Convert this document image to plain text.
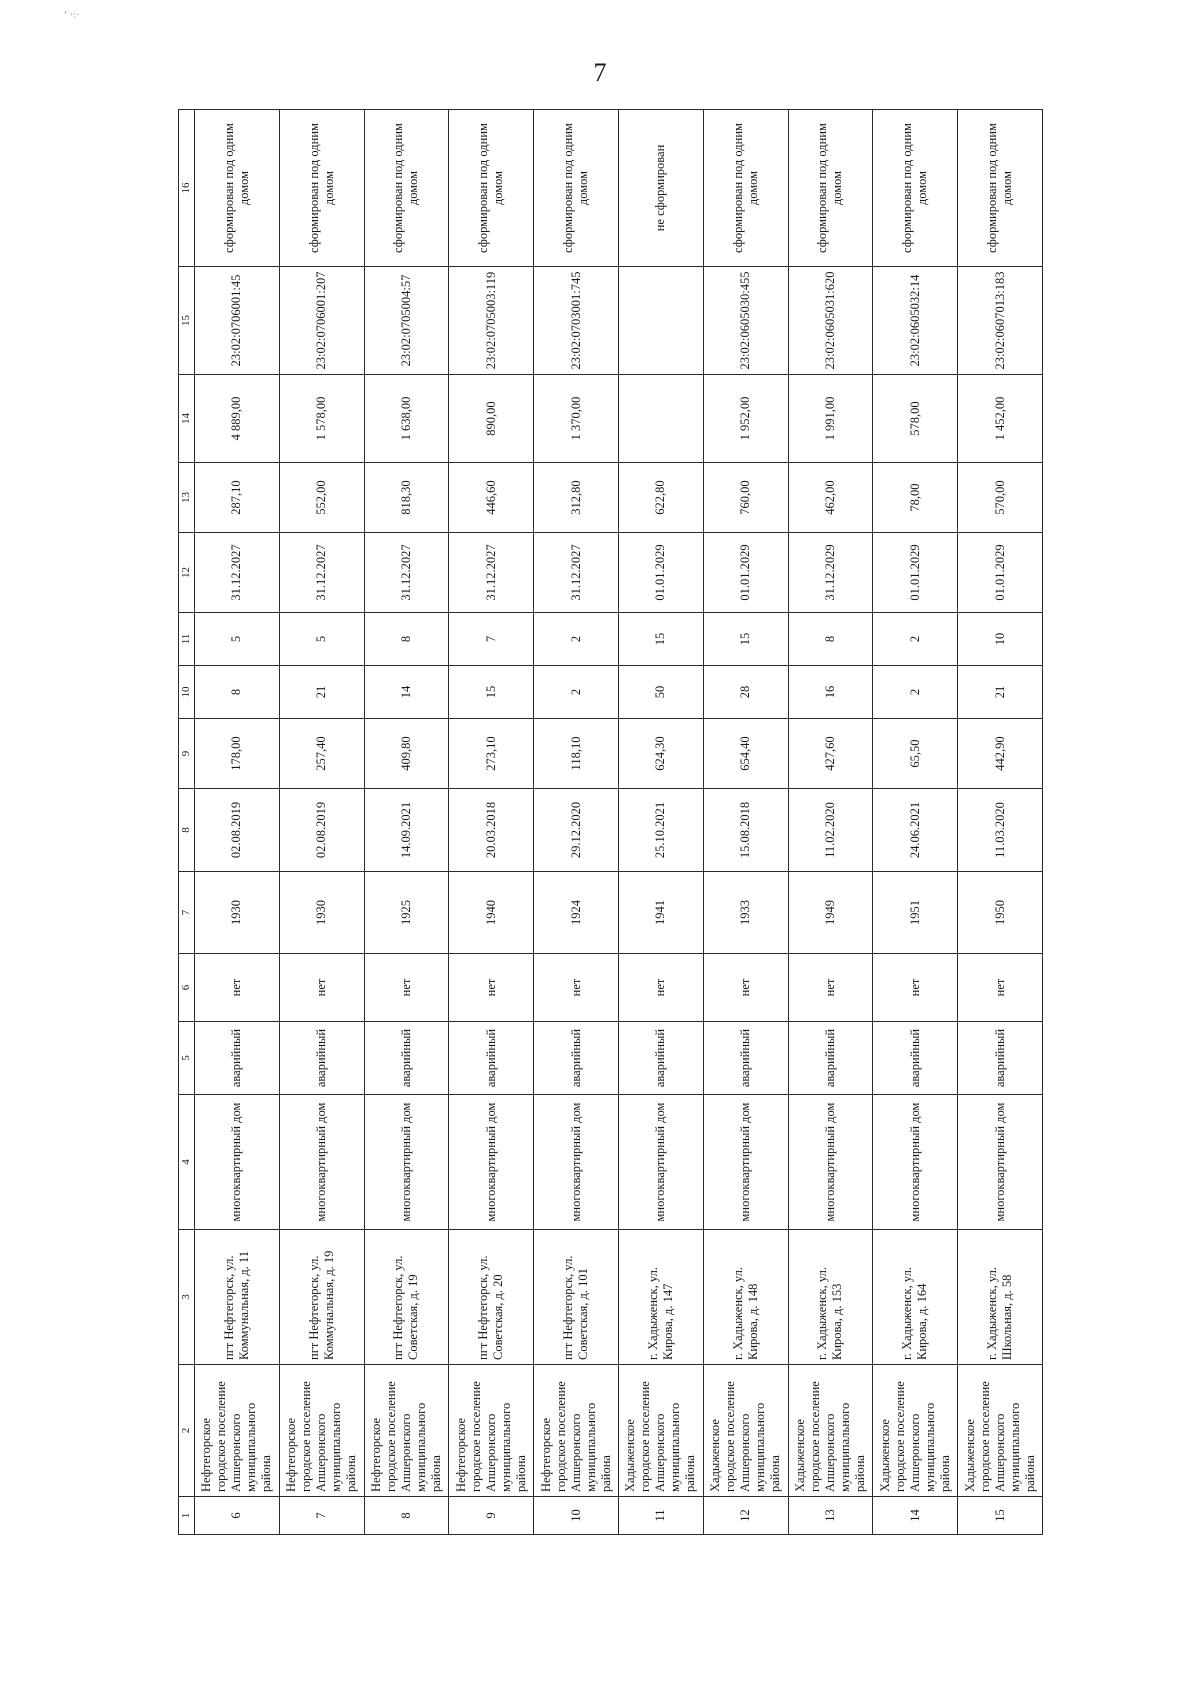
' ·:·
7
1	2	3	4	5	6	7	8	9	10	11	12	13	14	15	16
6	Нефтегорское городское поселение Апшеронского муниципального района	пгт Нефтегорск, ул. Коммунальная, д. 11	многоквартирный дом	аварийный	нет	1930	02.08.2019	178,00	8	5	31.12.2027	287,10	4 889,00	23:02:0706001:45	сформирован под одним домом
7	Нефтегорское городское поселение Апшеронского муниципального района	пгт Нефтегорск, ул. Коммунальная, д. 19	многоквартирный дом	аварийный	нет	1930	02.08.2019	257,40	21	5	31.12.2027	552,00	1 578,00	23:02:0706001:207	сформирован под одним домом
8	Нефтегорское городское поселение Апшеронского муниципального района	пгт Нефтегорск, ул. Советская, д. 19	многоквартирный дом	аварийный	нет	1925	14.09.2021	409,80	14	8	31.12.2027	818,30	1 638,00	23:02:0705004:57	сформирован под одним домом
9	Нефтегорское городское поселение Апшеронского муниципального района	пгт Нефтегорск, ул. Советская, д. 20	многоквартирный дом	аварийный	нет	1940	20.03.2018	273,10	15	7	31.12.2027	446,60	890,00	23:02:0705003:119	сформирован под одним домом
10	Нефтегорское городское поселение Апшеронского муниципального района	пгт Нефтегорск, ул. Советская, д. 101	многоквартирный дом	аварийный	нет	1924	29.12.2020	118,10	2	2	31.12.2027	312,80	1 370,00	23:02:0703001:745	сформирован под одним домом
11	Хадыженское городское поселение Апшеронского муниципального района	г. Хадыженск, ул. Кирова, д. 147	многоквартирный дом	аварийный	нет	1941	25.10.2021	624,30	50	15	01.01.2029	622,80			не сформирован
12	Хадыженское городское поселение Апшеронского муниципального района	г. Хадыженск, ул. Кирова, д. 148	многоквартирный дом	аварийный	нет	1933	15.08.2018	654,40	28	15	01.01.2029	760,00	1 952,00	23:02:0605030:455	сформирован под одним домом
13	Хадыженское городское поселение Апшеронского муниципального района	г. Хадыженск, ул. Кирова, д. 153	многоквартирный дом	аварийный	нет	1949	11.02.2020	427,60	16	8	31.12.2029	462,00	1 991,00	23:02:0605031:620	сформирован под одним домом
14	Хадыженское городское поселение Апшеронского муниципального района	г. Хадыженск, ул. Кирова, д. 164	многоквартирный дом	аварийный	нет	1951	24.06.2021	65,50	2	2	01.01.2029	78,00	578,00	23:02:0605032:14	сформирован под одним домом
15	Хадыженское городское поселение Апшеронского муниципального района	г. Хадыженск, ул. Школьная, д. 58	многоквартирный дом	аварийный	нет	1950	11.03.2020	442,90	21	10	01.01.2029	570,00	1 452,00	23:02:0607013:183	сформирован под одним домом
